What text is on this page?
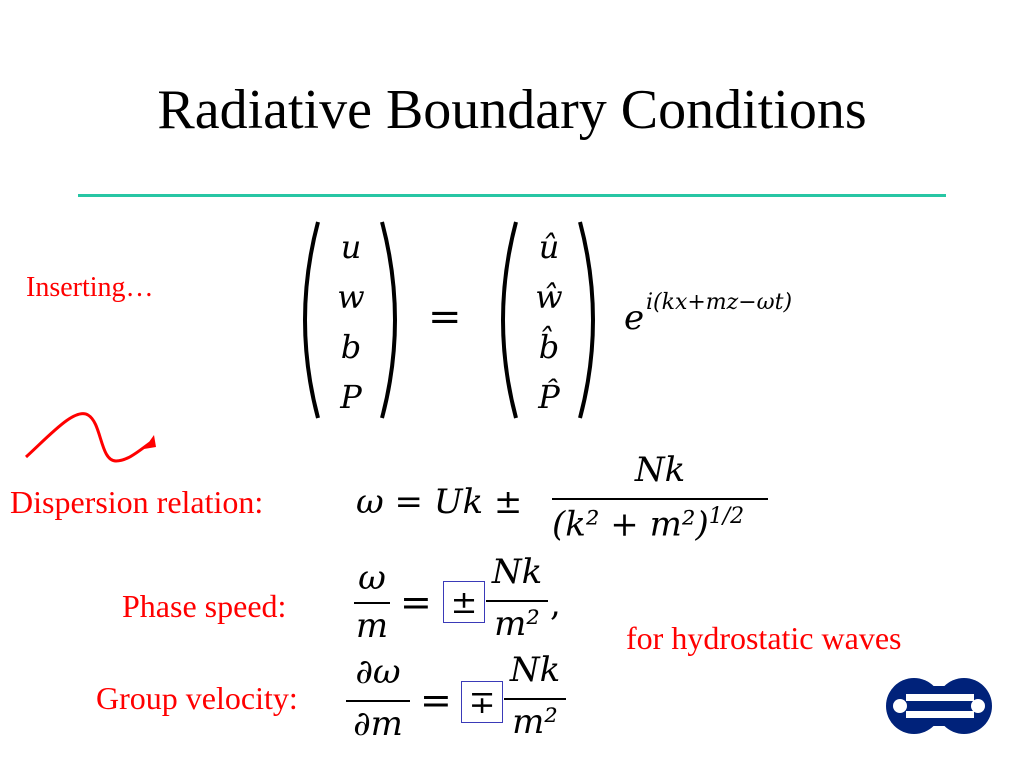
Radiative Boundary Conditions
Inserting…
u
w
b
P
=
û
ŵ
b̂
P̂
e i(kx+mz−ωt)
Dispersion relation:	ω = Uk ±
Nk
$(k^2 + m^2)^{1/2}$
Phase speed:
ω
m
= ±
Nk
m² ,
for hydrostatic waves
Group velocity:
∂ω
∂m
= ∓
Nk
m²
